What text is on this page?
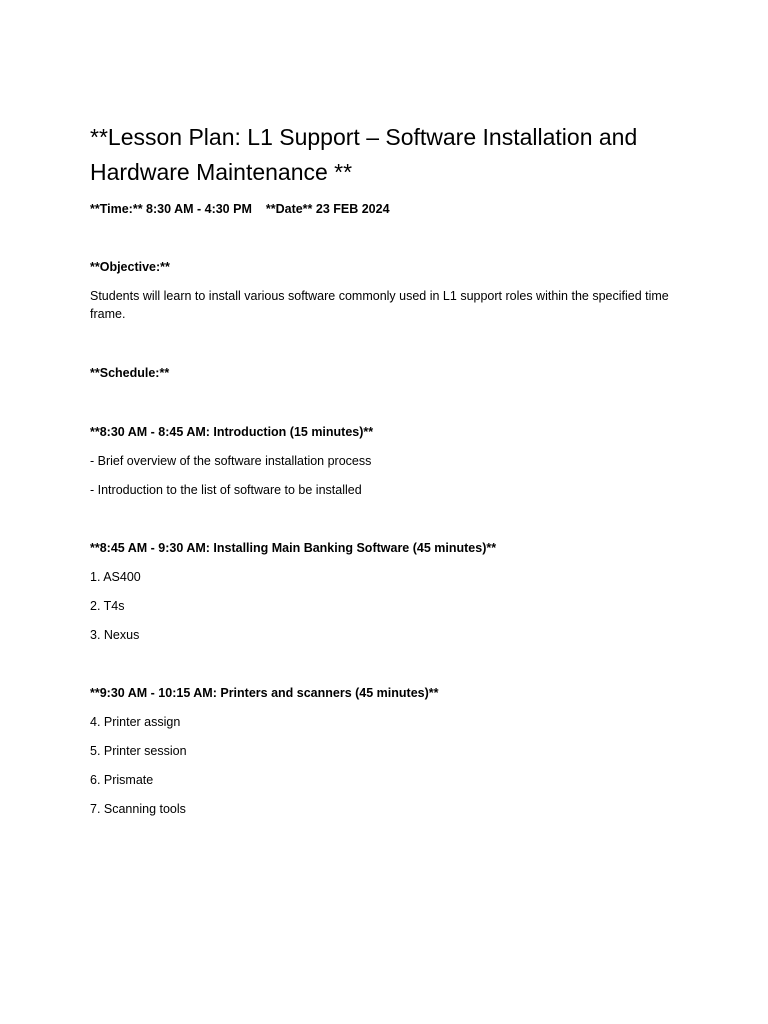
**Lesson Plan: L1 Support – Software Installation and Hardware Maintenance **
**Time:** 8:30 AM - 4:30 PM **Date** 23 FEB 2024
**Objective:**
Students will learn to install various software commonly used in L1 support roles within the specified time frame.
**Schedule:**
**8:30 AM - 8:45 AM: Introduction (15 minutes)**
- Brief overview of the software installation process
- Introduction to the list of software to be installed
**8:45 AM - 9:30 AM: Installing Main Banking Software (45 minutes)**
1. AS400
2. T4s
3. Nexus
**9:30 AM - 10:15 AM: Printers and scanners (45 minutes)**
4. Printer assign
5. Printer session
6. Prismate
7. Scanning tools
